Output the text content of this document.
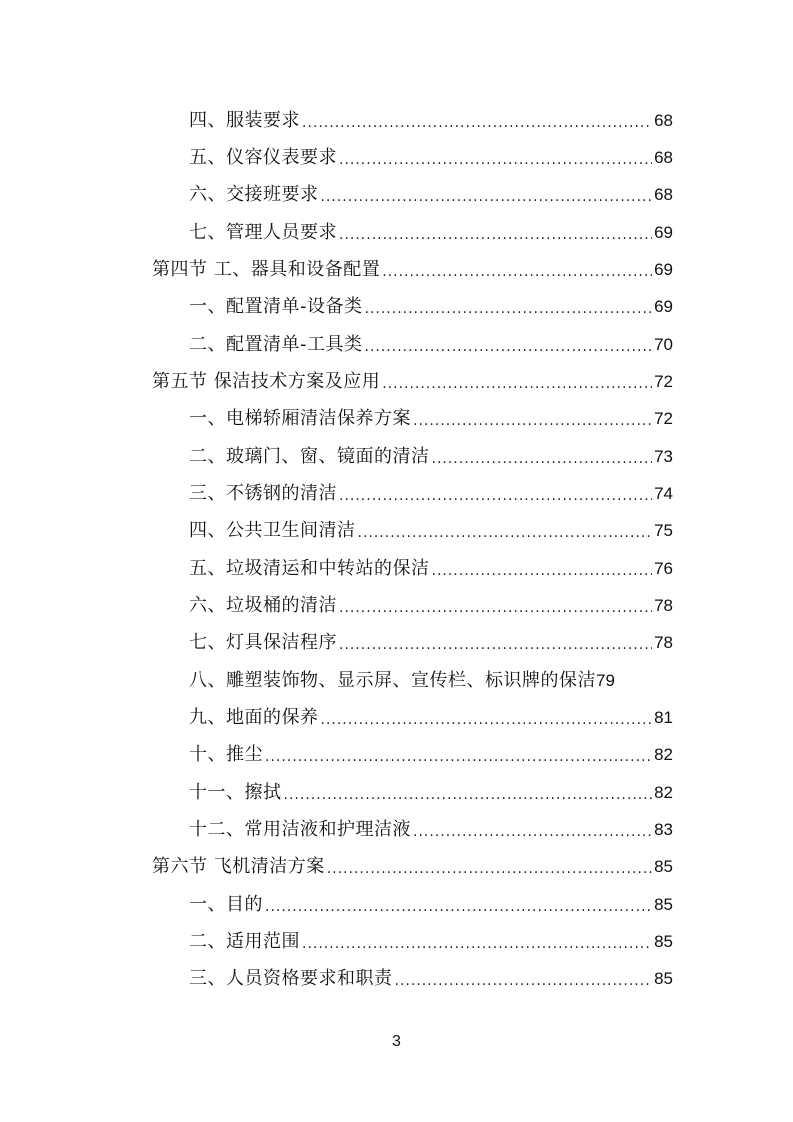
四、服装要求 .....	68
五、仪容仪表要求 .....	68
六、交接班要求 .....	68
七、管理人员要求 .....	69
第四节 工、器具和设备配置 .....	69
一、配置清单-设备类 .....	69
二、配置清单-工具类 .....	70
第五节 保洁技术方案及应用 .....	72
一、电梯轿厢清洁保养方案 .....	72
二、玻璃门、窗、镜面的清洁 .....	73
三、不锈钢的清洁 .....	74
四、公共卫生间清洁 .....	75
五、垃圾清运和中转站的保洁 .....	76
六、垃圾桶的清洁 .....	78
七、灯具保洁程序 .....	78
八、雕塑装饰物、显示屏、宣传栏、标识牌的保洁 79
九、地面的保养 .....	81
十、推尘 .....	82
十一、擦拭 .....	82
十二、常用洁液和护理洁液 .....	83
第六节 飞机清洁方案 .....	85
一、目的 .....	85
二、适用范围 .....	85
三、人员资格要求和职责 .....	85
3
